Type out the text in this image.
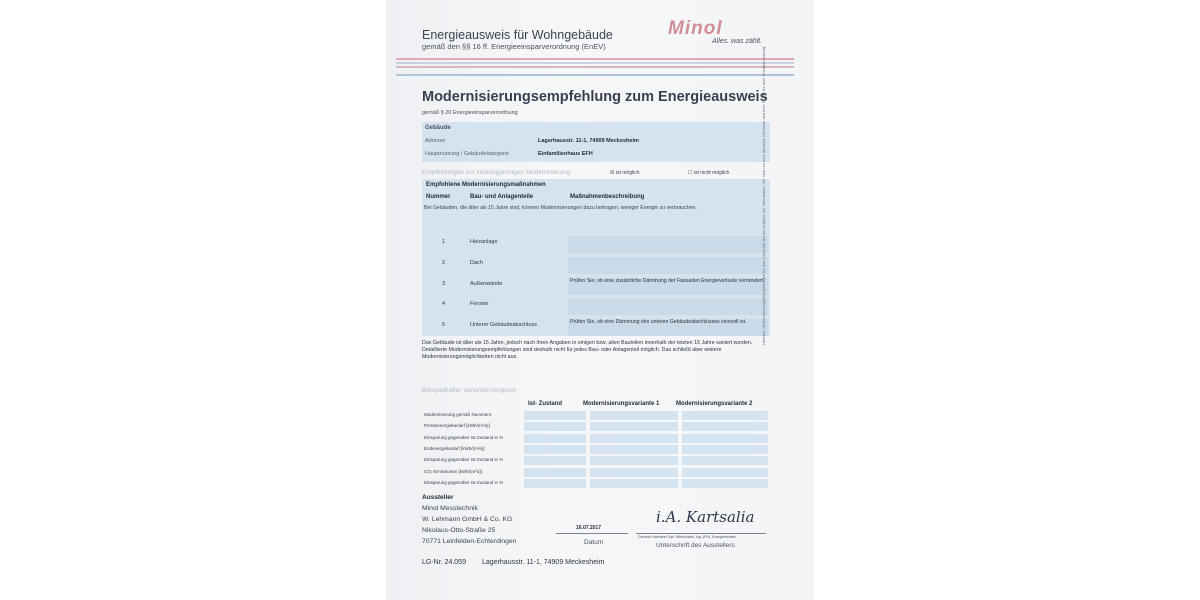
Energieausweis für Wohngebäude
gemäß den §§ 16 ff. Energieeinsparverordnung (EnEV)
Minol
Alles. was zählt.
Modernisierungsempfehlung zum Energieausweis
gemäß § 20 Energieeinsparverordnung
Gebäude
Adresse	Lagerhausstr. 11-1, 74909 Meckesheim
Hauptnutzung / Gebäudekategorie	Einfamilienhaus EFH
Empfehlungen zur kostengünstigen Modernisierung	☒ ist möglich	☐ ist nicht möglich
Empfohlene Modernisierungsmaßnahmen
Nummer	Bau- und Anlagenteile	Maßnahmenbeschreibung
Bei Gebäuden, die älter als 15 Jahre sind, können Modernisierungen dazu beitragen, weniger Energie zu verbrauchen.
1	Heizanlage
2	Dach
3	Außenwände	Prüfen Sie, ob eine zusätzliche Dämmung der Fassaden Energieverluste vermindert.
4	Fenster
5	Unterer Gebäudeabschluss	Prüfen Sie, ob eine Dämmung des unteren Gebäudeabschlusses sinnvoll ist.
Das Gebäude ist älter als 15 Jahre, jedoch nach ihren Angaben in einigen bzw. allen Bauteilen innerhalb der letzten 15 Jahre saniert worden. Detaillierte Modernisierungsempfehlungen sind deshalb nicht für jedes Bau- oder Anlagenteil möglich. Das schließt aber weitere Modernisierungsmöglichkeiten nicht aus.
Hinweis: Modernisierungsempfehlungen für das Gebäude dienen lediglich der Information. Sie sind nur kurz gefasste Hinweise und kein Ersatz für eine Energieberatung.
Beispielhafter Variantenvergleich
Ist- Zustand	Modernisierungsvariante 1	Modernisierungsvariante 2
Modernisierung gemäß Nummern:
Primärenergiebedarf [kWh/(m²a)]
Einsparung gegenüber Ist-Zustand in %
Endenergiebedarf [kWh/(m²a)]
Einsparung gegenüber Ist-Zustand in %
CO₂-Emissionen [kWh/(m²a)]
Einsparung gegenüber Ist-Zustand in %
Aussteller
Minol Messtechnik
W. Lehmann GmbH & Co. KG
Nikolaus-Otto-Straße 25
70771 Leinfelden-Echterdingen
16.07.2017
Datum
i.A. Kartsalia
Dominik Hofmann Dipl.-Wirtschafts.-Ing. (FH), Energieberater
Unterschrift des Ausstellers
LG-Nr. 24.059 Lagerhausstr. 11-1, 74909 Meckesheim
